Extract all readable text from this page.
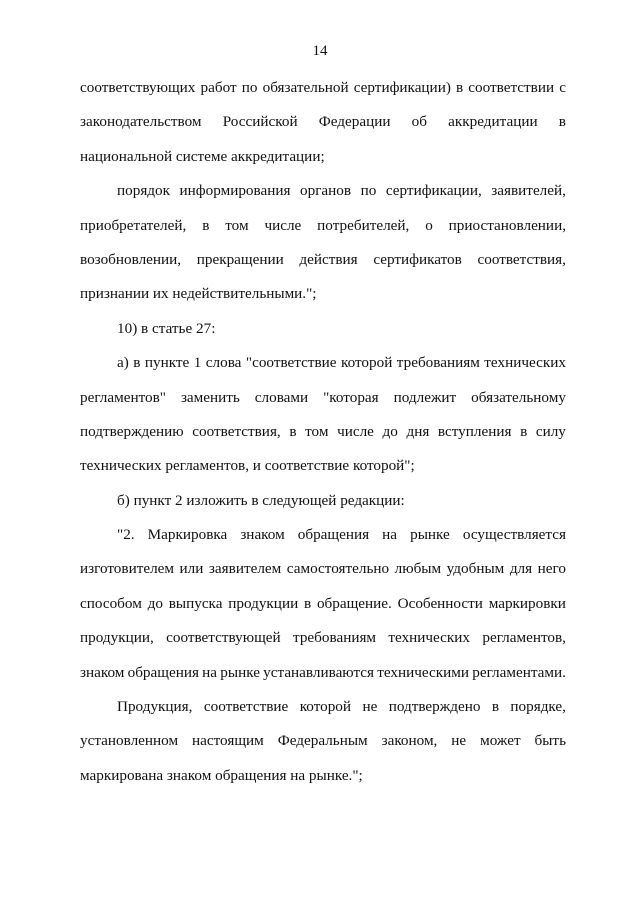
14
соответствующих работ по обязательной сертификации) в соответствии с
законодательством Российской Федерации об аккредитации в
национальной системе аккредитации;
порядок информирования органов по сертификации, заявителей,
приобретателей, в том числе потребителей, о приостановлении,
возобновлении, прекращении действия сертификатов соответствия,
признании их недействительными.";
10) в статье 27:
а) в пункте 1 слова "соответствие которой требованиям технических
регламентов" заменить словами "которая подлежит обязательному
подтверждению соответствия, в том числе до дня вступления в силу
технических регламентов, и соответствие которой";
б) пункт 2 изложить в следующей редакции:
"2. Маркировка знаком обращения на рынке осуществляется
изготовителем или заявителем самостоятельно любым удобным для него
способом до выпуска продукции в обращение. Особенности маркировки
продукции, соответствующей требованиям технических регламентов,
знаком обращения на рынке устанавливаются техническими регламентами.
Продукция, соответствие которой не подтверждено в порядке,
установленном настоящим Федеральным законом, не может быть
маркирована знаком обращения на рынке.";
